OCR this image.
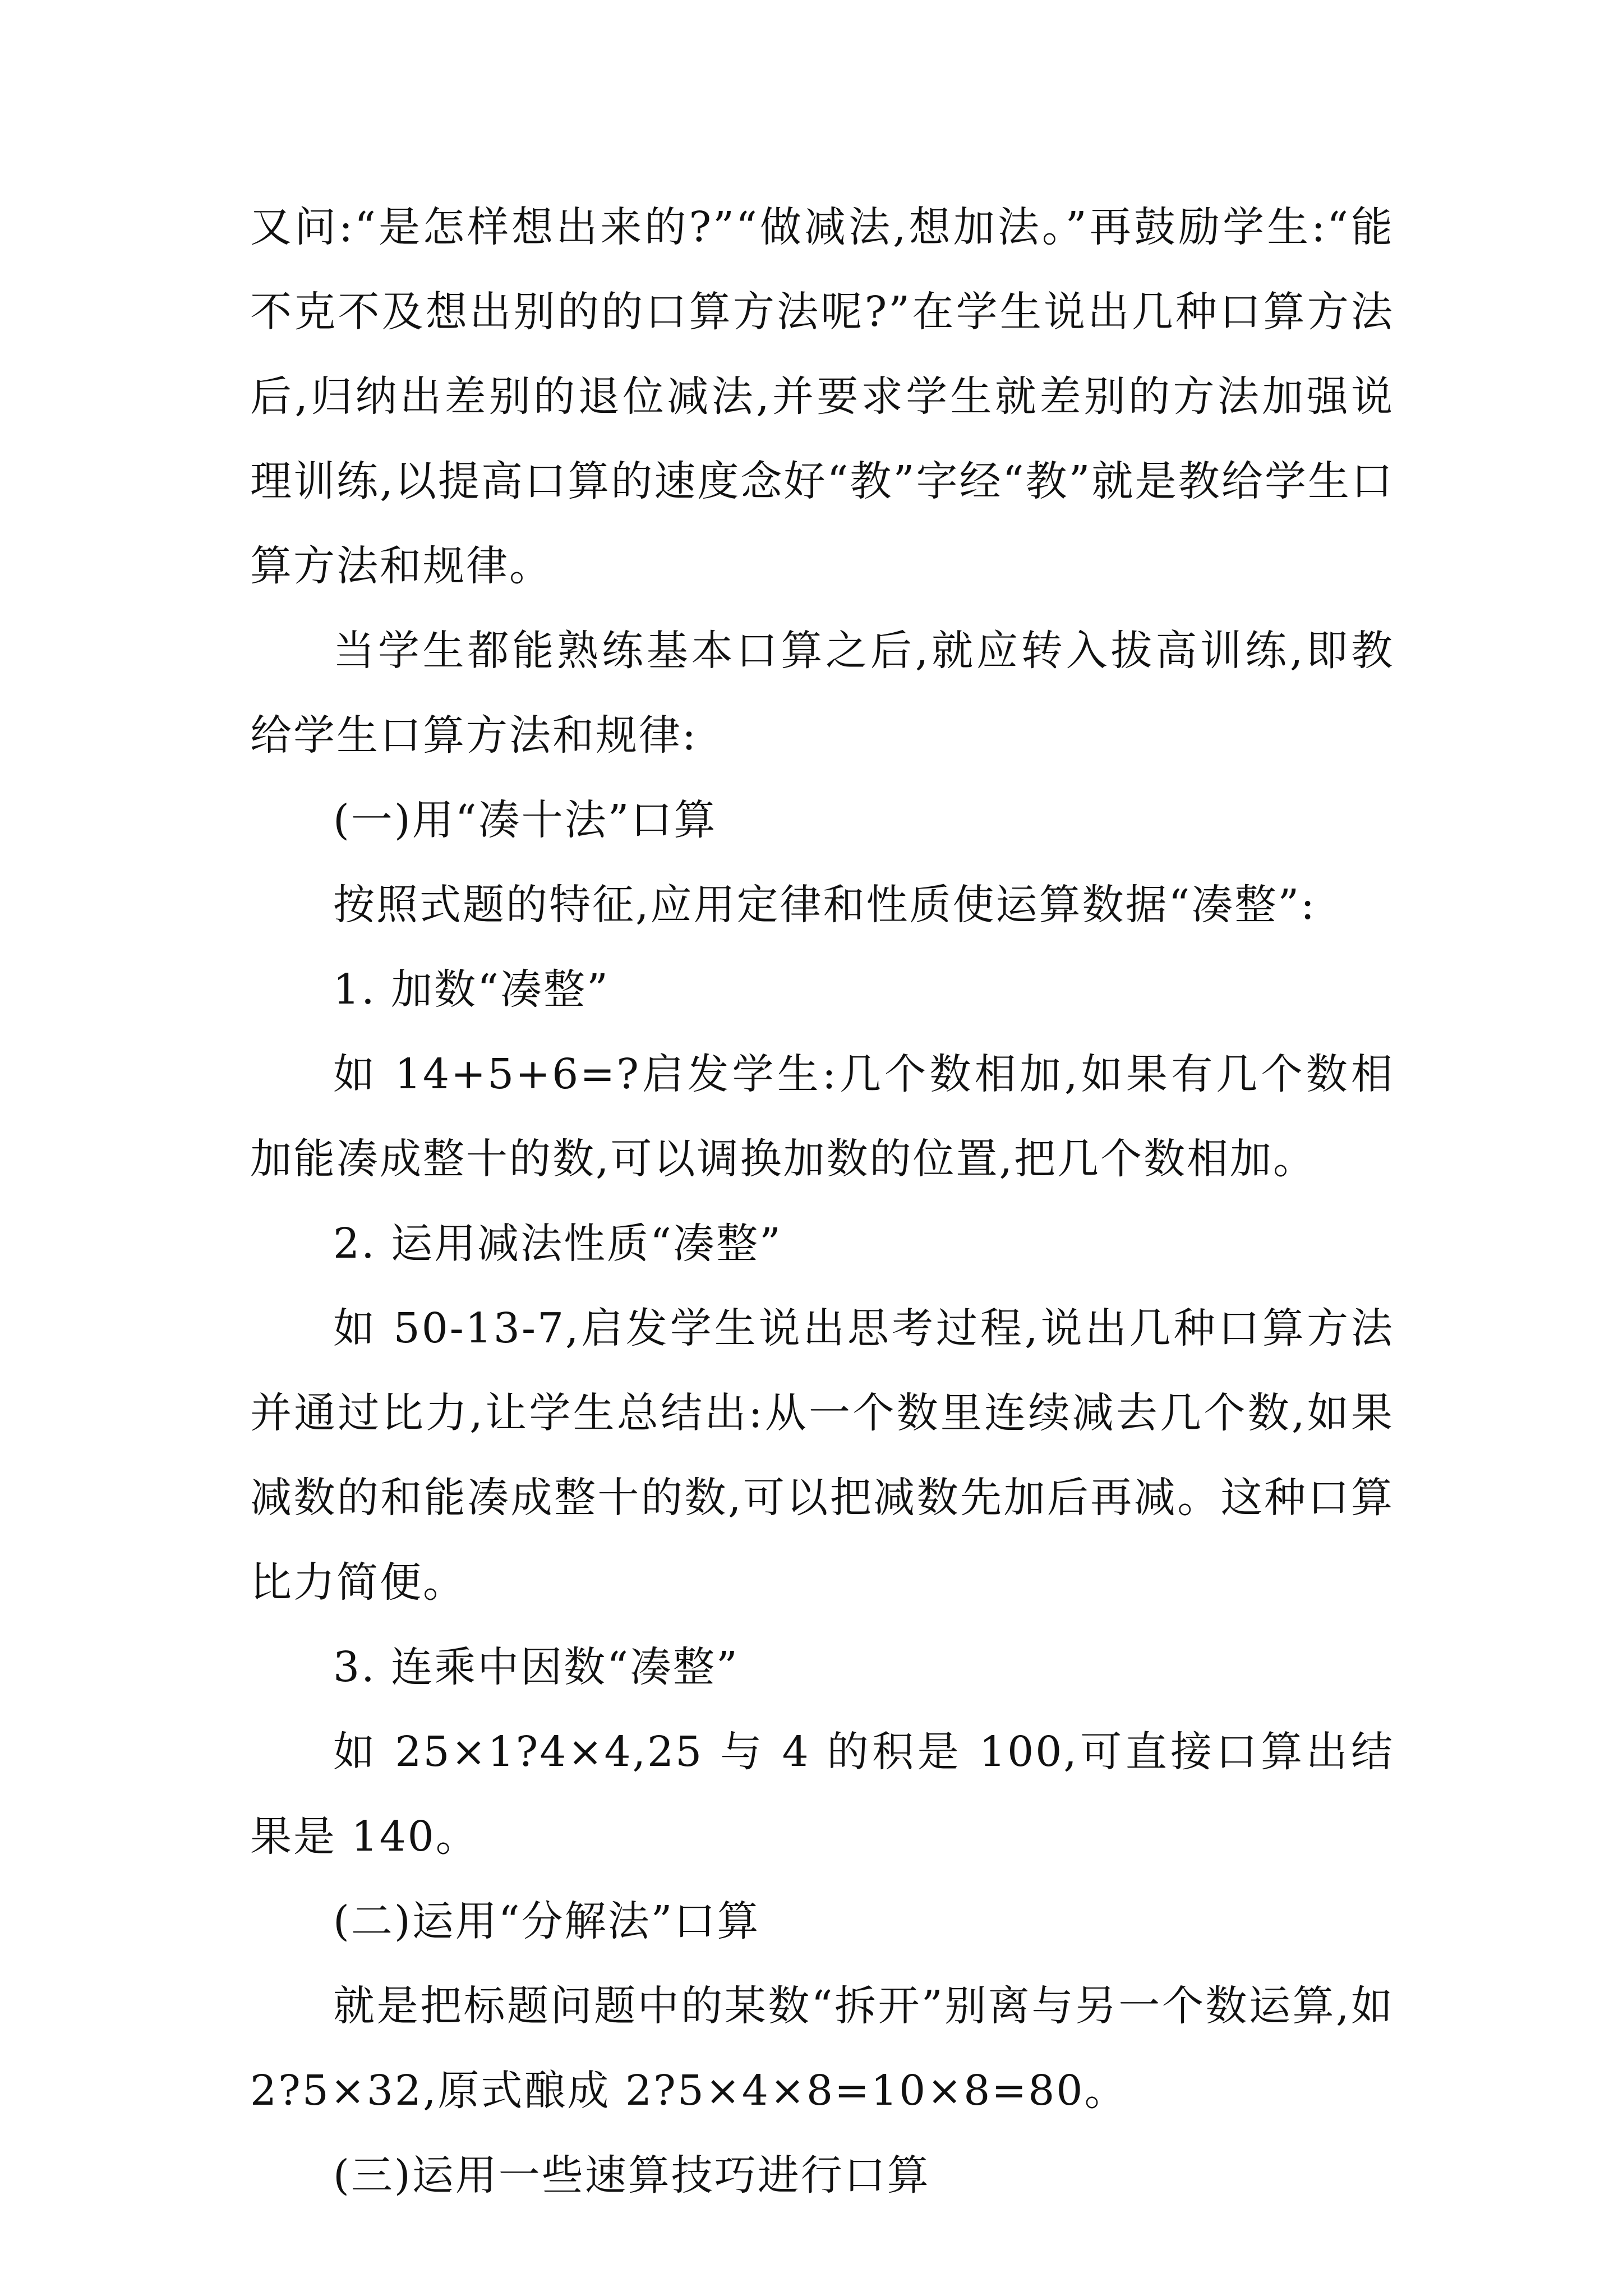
又问:“是怎样想出来的?”“做减法,想加法。”再鼓励学生:“能不克不及想出别的的口算方法呢?”在学生说出几种口算方法后,归纳出差别的退位减法,并要求学生就差别的方法加强说理训练,以提高口算的速度念好“教”字经“教”就是教给学生口算方法和规律。

当学生都能熟练基本口算之后,就应转入拔高训练,即教给学生口算方法和规律:

(一)用“凑十法”口算

按照式题的特征,应用定律和性质使运算数据“凑整”:

1. 加数“凑整”

如 14+5+6=?启发学生:几个数相加,如果有几个数相加能凑成整十的数,可以调换加数的位置,把几个数相加。

2. 运用减法性质“凑整”

如 50-13-7,启发学生说出思考过程,说出几种口算方法并通过比力,让学生总结出:从一个数里连续减去几个数,如果减数的和能凑成整十的数,可以把减数先加后再减。这种口算比力简便。

3. 连乘中因数“凑整”

如 25×1?4×4,25 与 4 的积是 100,可直接口算出结果是 140。

(二)运用“分解法”口算

就是把标题问题中的某数“拆开”别离与另一个数运算,如 2?5×32,原式酿成 2?5×4×8=10×8=80。

(三)运用一些速算技巧进行口算
